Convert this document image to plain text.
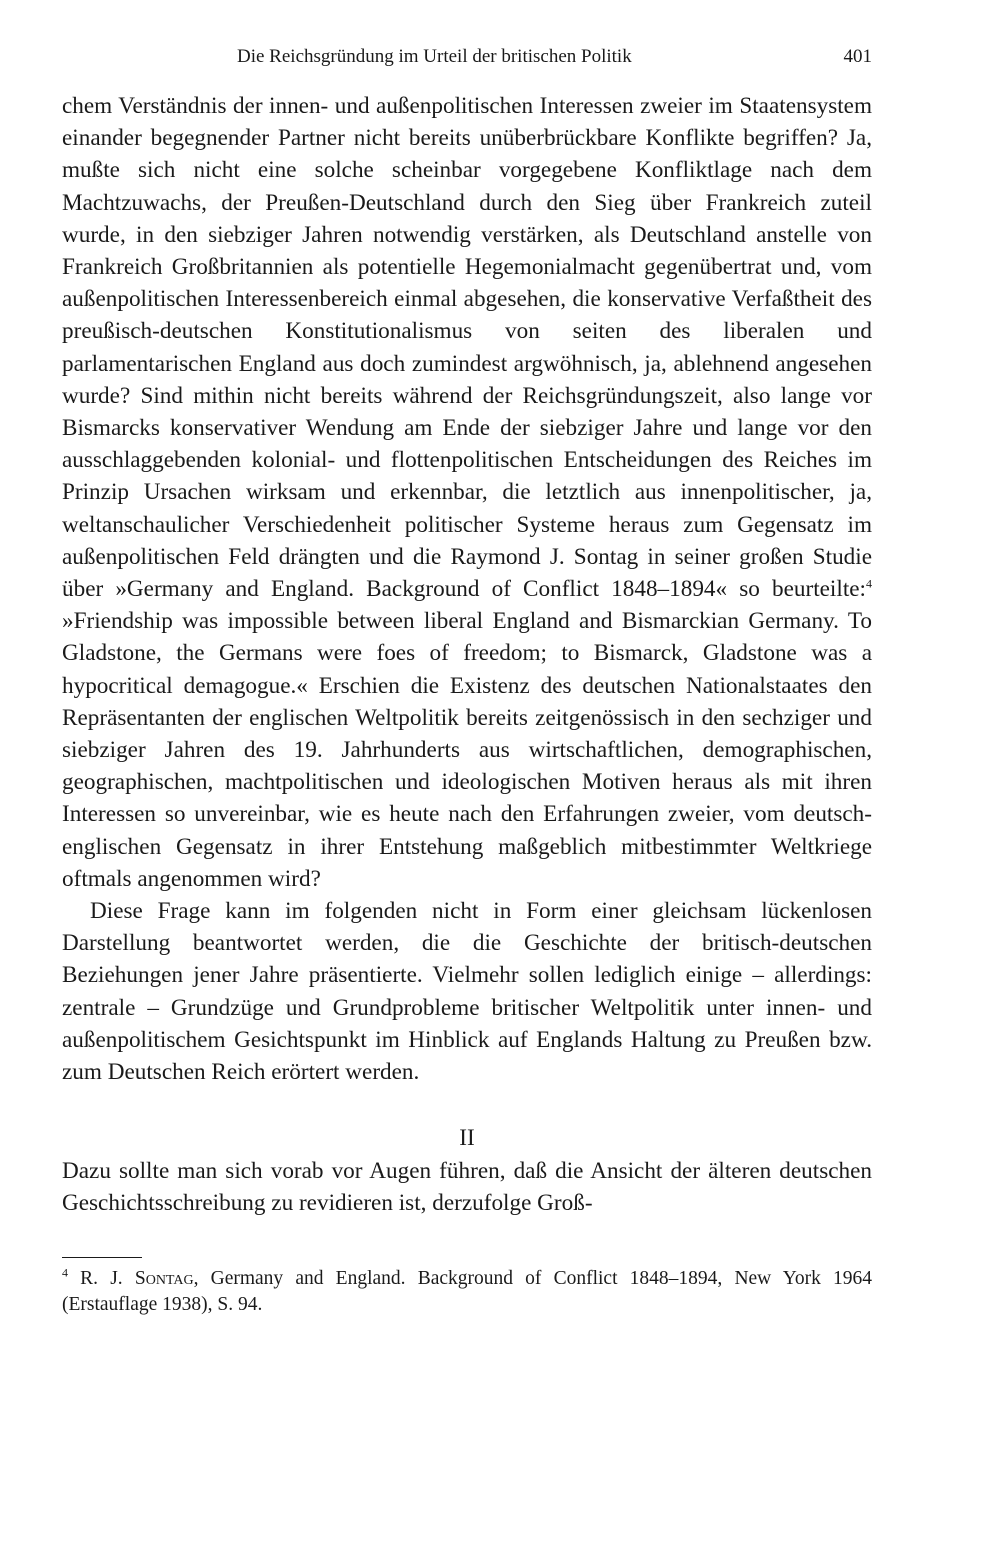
Die Reichsgründung im Urteil der britischen Politik	401

chem Verständnis der innen- und außenpolitischen Interessen zweier im Staatensystem einander begegnender Partner nicht bereits unüberbrückbare Konflikte begriffen? Ja, mußte sich nicht eine solche scheinbar vorgegebene Konfliktlage nach dem Machtzuwachs, der Preußen-Deutschland durch den Sieg über Frankreich zuteil wurde, in den siebziger Jahren notwendig verstärken, als Deutschland anstelle von Frankreich Großbritannien als potentielle Hegemonialmacht gegenübertrat und, vom außenpolitischen Interessenbereich einmal abgesehen, die konservative Verfaßtheit des preußisch-deutschen Konstitutionalismus von seiten des liberalen und parlamentarischen England aus doch zumindest argwöhnisch, ja, ablehnend angesehen wurde? Sind mithin nicht bereits während der Reichsgründungszeit, also lange vor Bismarcks konservativer Wendung am Ende der siebziger Jahre und lange vor den ausschlaggebenden kolonial- und flottenpolitischen Entscheidungen des Reiches im Prinzip Ursachen wirksam und erkennbar, die letztlich aus innenpolitischer, ja, weltanschaulicher Verschiedenheit politischer Systeme heraus zum Gegensatz im außenpolitischen Feld drängten und die Raymond J. Sontag in seiner großen Studie über »Germany and England. Background of Conflict 1848–1894« so beurteilte:$^4$ »Friendship was impossible between liberal England and Bismarckian Germany. To Gladstone, the Germans were foes of freedom; to Bismarck, Gladstone was a hypocritical demagogue.« Erschien die Existenz des deutschen Nationalstaates den Repräsentanten der englischen Weltpolitik bereits zeitgenössisch in den sechziger und siebziger Jahren des 19. Jahrhunderts aus wirtschaftlichen, demographischen, geographischen, machtpolitischen und ideologischen Motiven heraus als mit ihren Interessen so unvereinbar, wie es heute nach den Erfahrungen zweier, vom deutsch-englischen Gegensatz in ihrer Entstehung maßgeblich mitbestimmter Weltkriege oftmals angenommen wird?

Diese Frage kann im folgenden nicht in Form einer gleichsam lückenlosen Darstellung beantwortet werden, die die Geschichte der britisch-deutschen Beziehungen jener Jahre präsentierte. Vielmehr sollen lediglich einige – allerdings: zentrale – Grundzüge und Grundprobleme britischer Weltpolitik unter innen- und außenpolitischem Gesichtspunkt im Hinblick auf Englands Haltung zu Preußen bzw. zum Deutschen Reich erörtert werden.

II

Dazu sollte man sich vorab vor Augen führen, daß die Ansicht der älteren deutschen Geschichtsschreibung zu revidieren ist, derzufolge Groß-

$^4$ R. J. Sontag, Germany and England. Background of Conflict 1848–1894, New York 1964 (Erstauflage 1938), S. 94.
